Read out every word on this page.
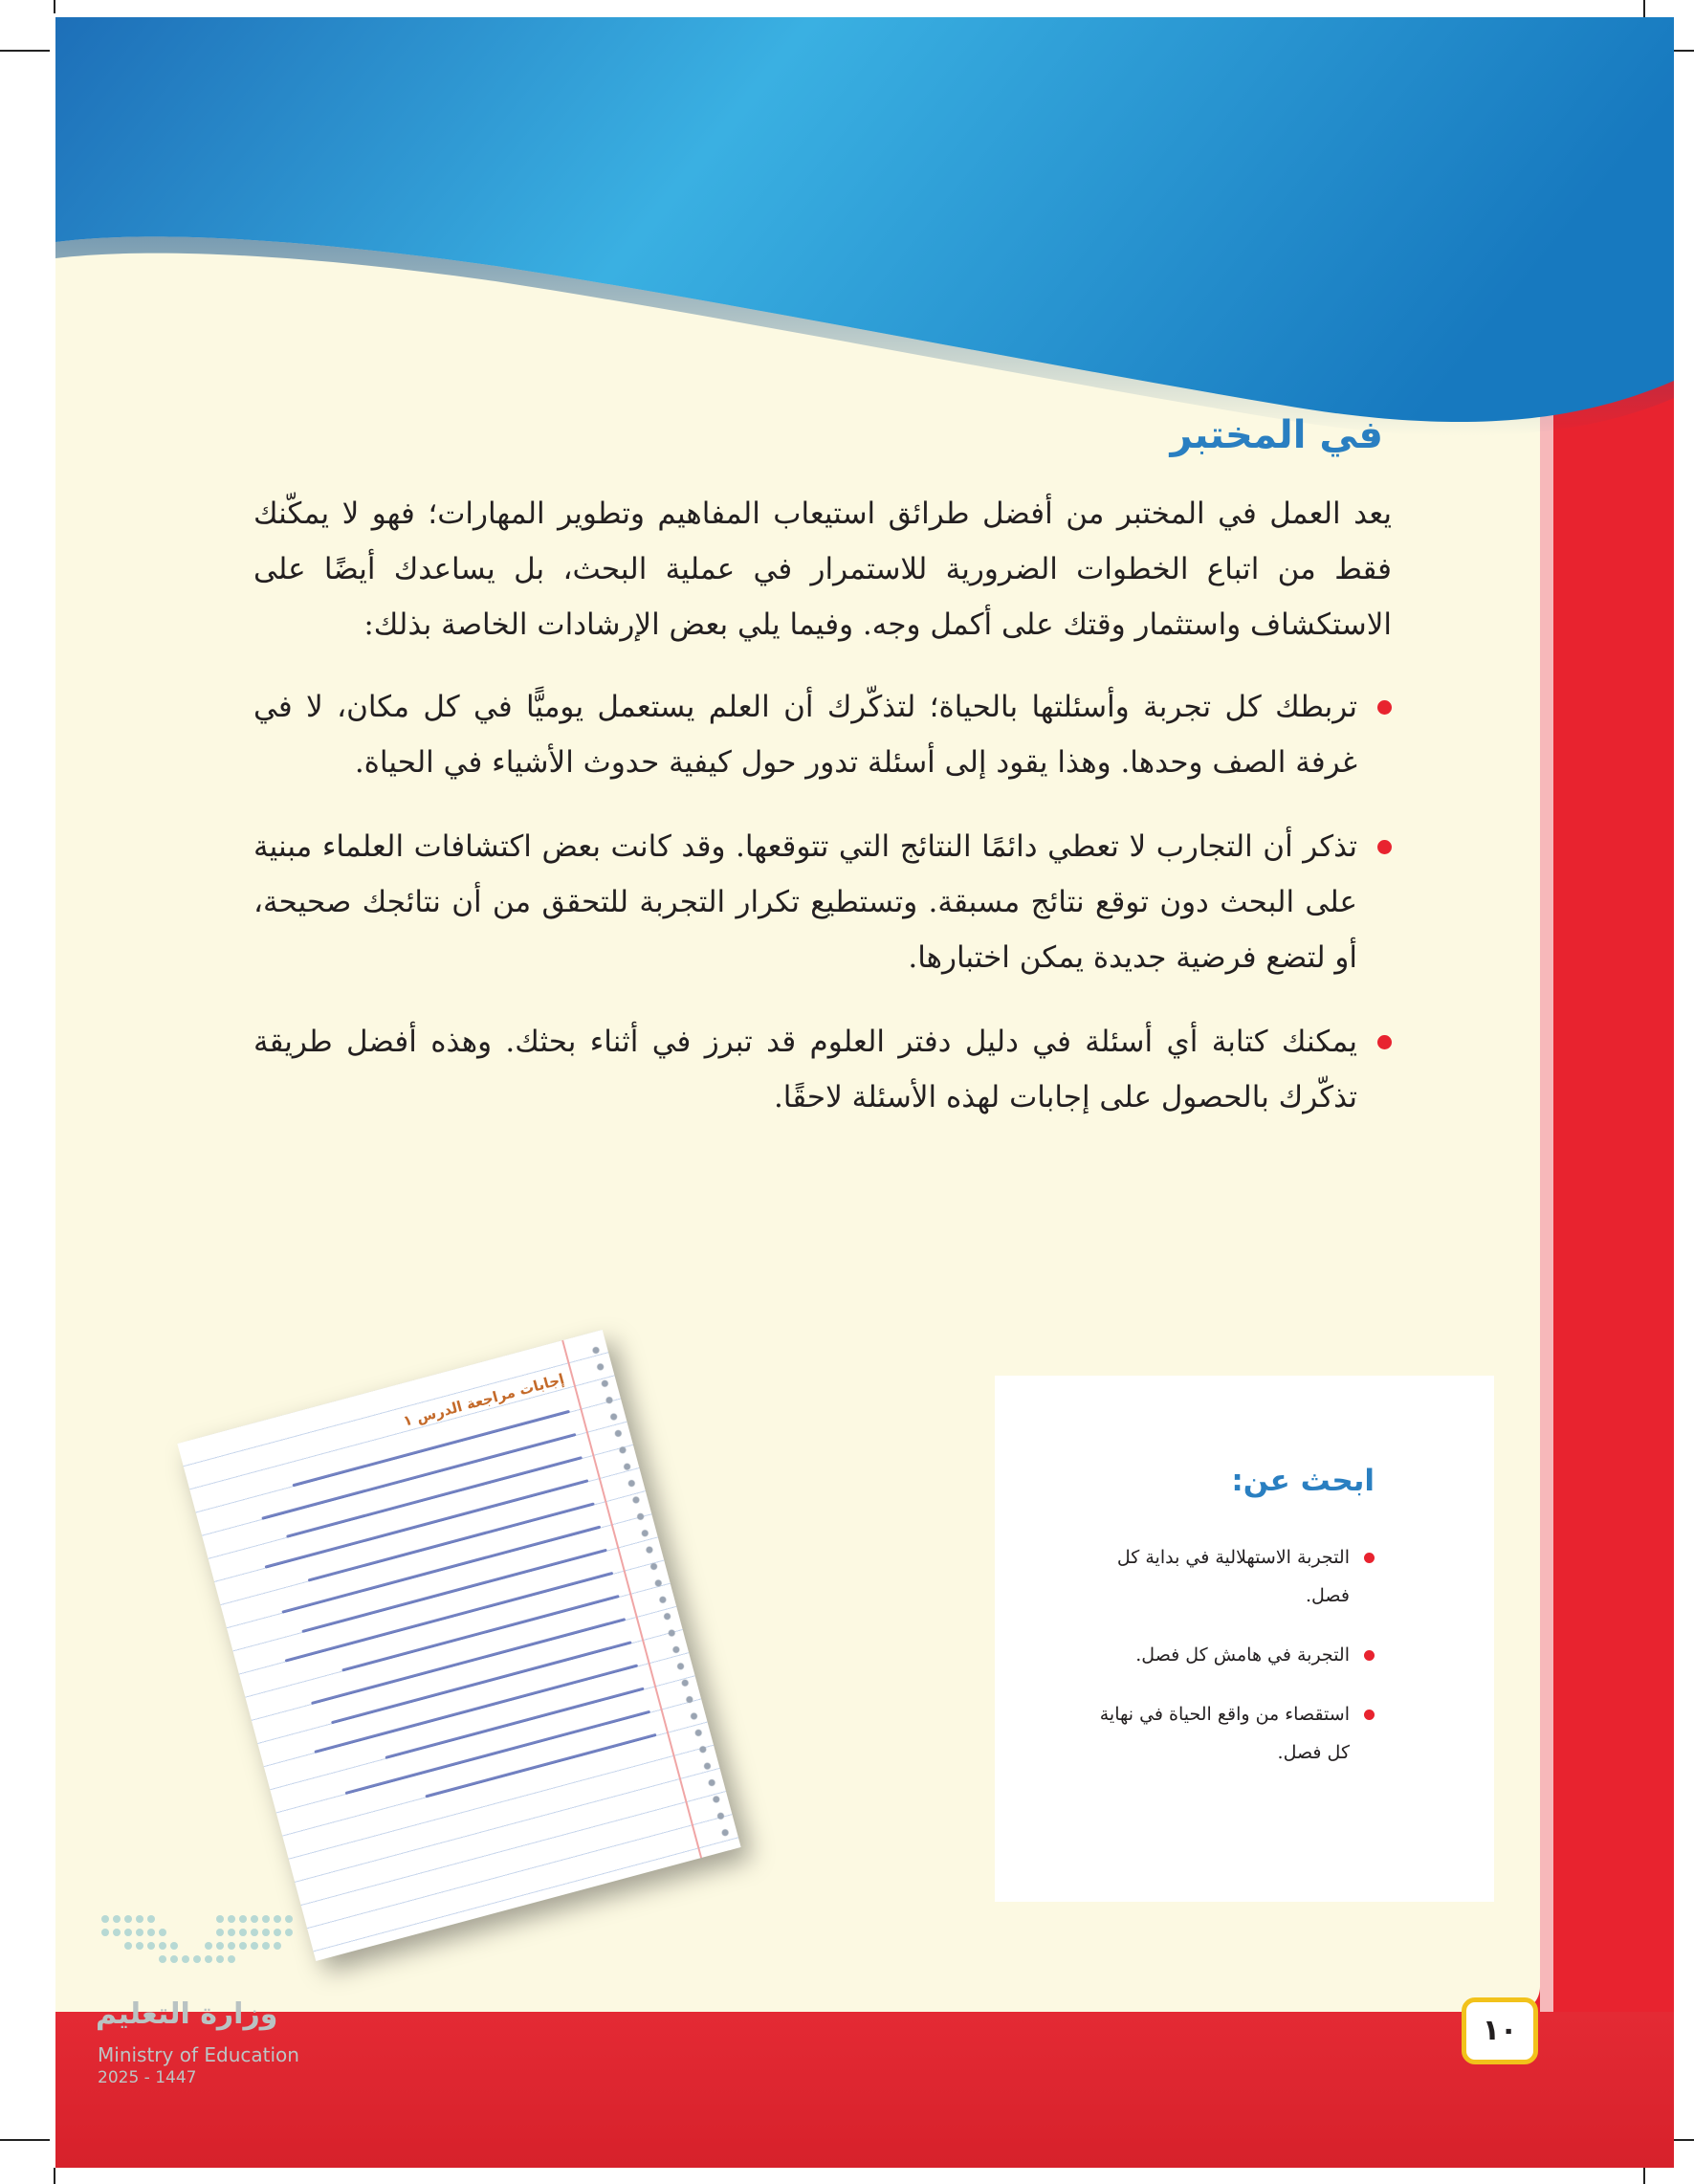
في المختبر
يعد العمل في المختبر من أفضل طرائق استيعاب المفاهيم وتطوير المهارات؛ فهو لا يمكّنك فقط من اتباع الخطوات الضرورية للاستمرار في عملية البحث، بل يساعدك أيضًا على الاستكشاف واستثمار وقتك على أكمل وجه. وفيما يلي بعض الإرشادات الخاصة بذلك:
تربطك كل تجربة وأسئلتها بالحياة؛ لتذكّرك أن العلم يستعمل يوميًّا في كل مكان، لا في غرفة الصف وحدها. وهذا يقود إلى أسئلة تدور حول كيفية حدوث الأشياء في الحياة.
تذكر أن التجارب لا تعطي دائمًا النتائج التي تتوقعها. وقد كانت بعض اكتشافات العلماء مبنية على البحث دون توقع نتائج مسبقة. وتستطيع تكرار التجربة للتحقق من أن نتائجك صحيحة، أو لتضع فرضية جديدة يمكن اختبارها.
يمكنك كتابة أي أسئلة في دليل دفتر العلوم قد تبرز في أثناء بحثك. وهذه أفضل طريقة تذكّرك بالحصول على إجابات لهذه الأسئلة لاحقًا.
إجابات مراجعة الدرس ١
ابحث عن:
التجربة الاستهلالية في بداية كل فصل.
التجربة في هامش كل فصل.
استقصاء من واقع الحياة في نهاية كل فصل.
وزارة التعليم
Ministry of Education
2025 - 1447
١٠
